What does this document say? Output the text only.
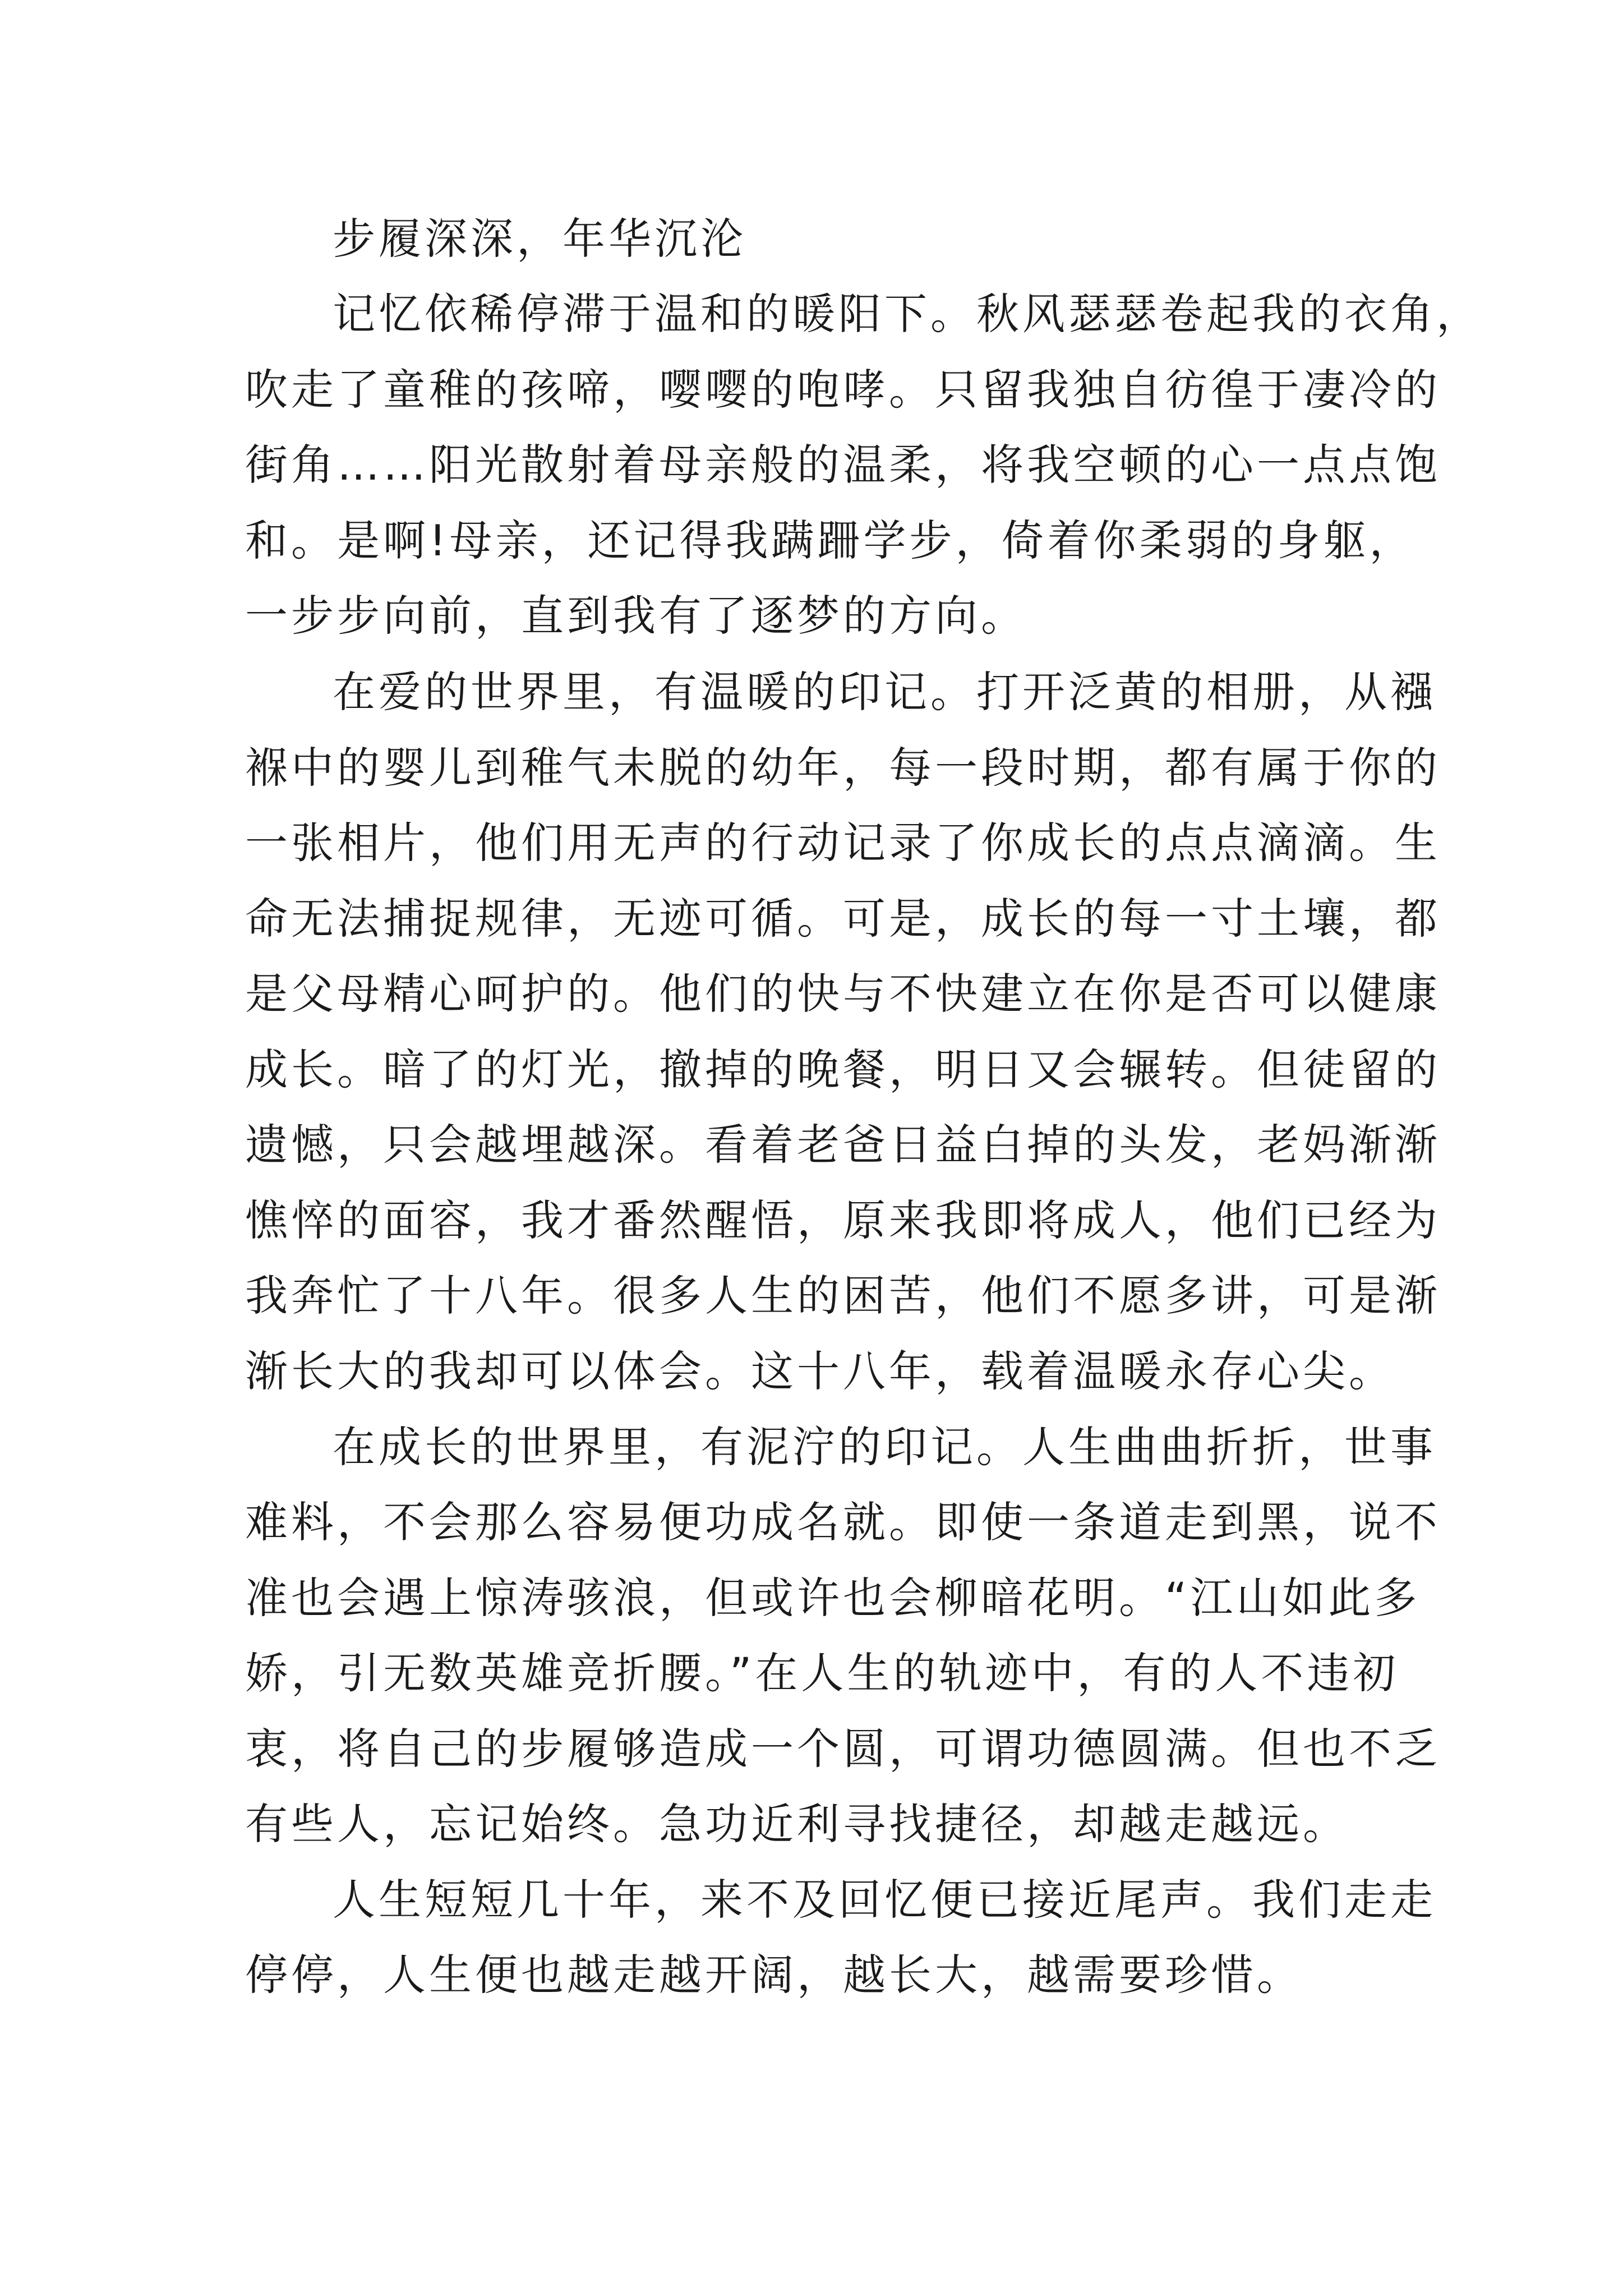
步履深深，年华沉沦
记忆依稀停滞于温和的暖阳下。秋风瑟瑟卷起我的衣角，
吹走了童稚的孩啼，嘤嘤的咆哮。只留我独自彷徨于凄冷的
街角……阳光散射着母亲般的温柔，将我空顿的心一点点饱
和。是啊!母亲，还记得我蹒跚学步，倚着你柔弱的身躯，
一步步向前，直到我有了逐梦的方向。
在爱的世界里，有温暖的印记。打开泛黄的相册，从襁
褓中的婴儿到稚气未脱的幼年，每一段时期，都有属于你的
一张相片，他们用无声的行动记录了你成长的点点滴滴。生
命无法捕捉规律，无迹可循。可是，成长的每一寸土壤，都
是父母精心呵护的。他们的快与不快建立在你是否可以健康
成长。暗了的灯光，撤掉的晚餐，明日又会辗转。但徒留的
遗憾，只会越埋越深。看着老爸日益白掉的头发，老妈渐渐
憔悴的面容，我才番然醒悟，原来我即将成人，他们已经为
我奔忙了十八年。很多人生的困苦，他们不愿多讲，可是渐
渐长大的我却可以体会。这十八年，载着温暖永存心尖。
在成长的世界里，有泥泞的印记。人生曲曲折折，世事
难料，不会那么容易便功成名就。即使一条道走到黑，说不
准也会遇上惊涛骇浪，但或许也会柳暗花明。“江山如此多
娇，引无数英雄竞折腰。”在人生的轨迹中，有的人不违初
衷，将自己的步履够造成一个圆，可谓功德圆满。但也不乏
有些人，忘记始终。急功近利寻找捷径，却越走越远。
人生短短几十年，来不及回忆便已接近尾声。我们走走
停停，人生便也越走越开阔，越长大，越需要珍惜。
